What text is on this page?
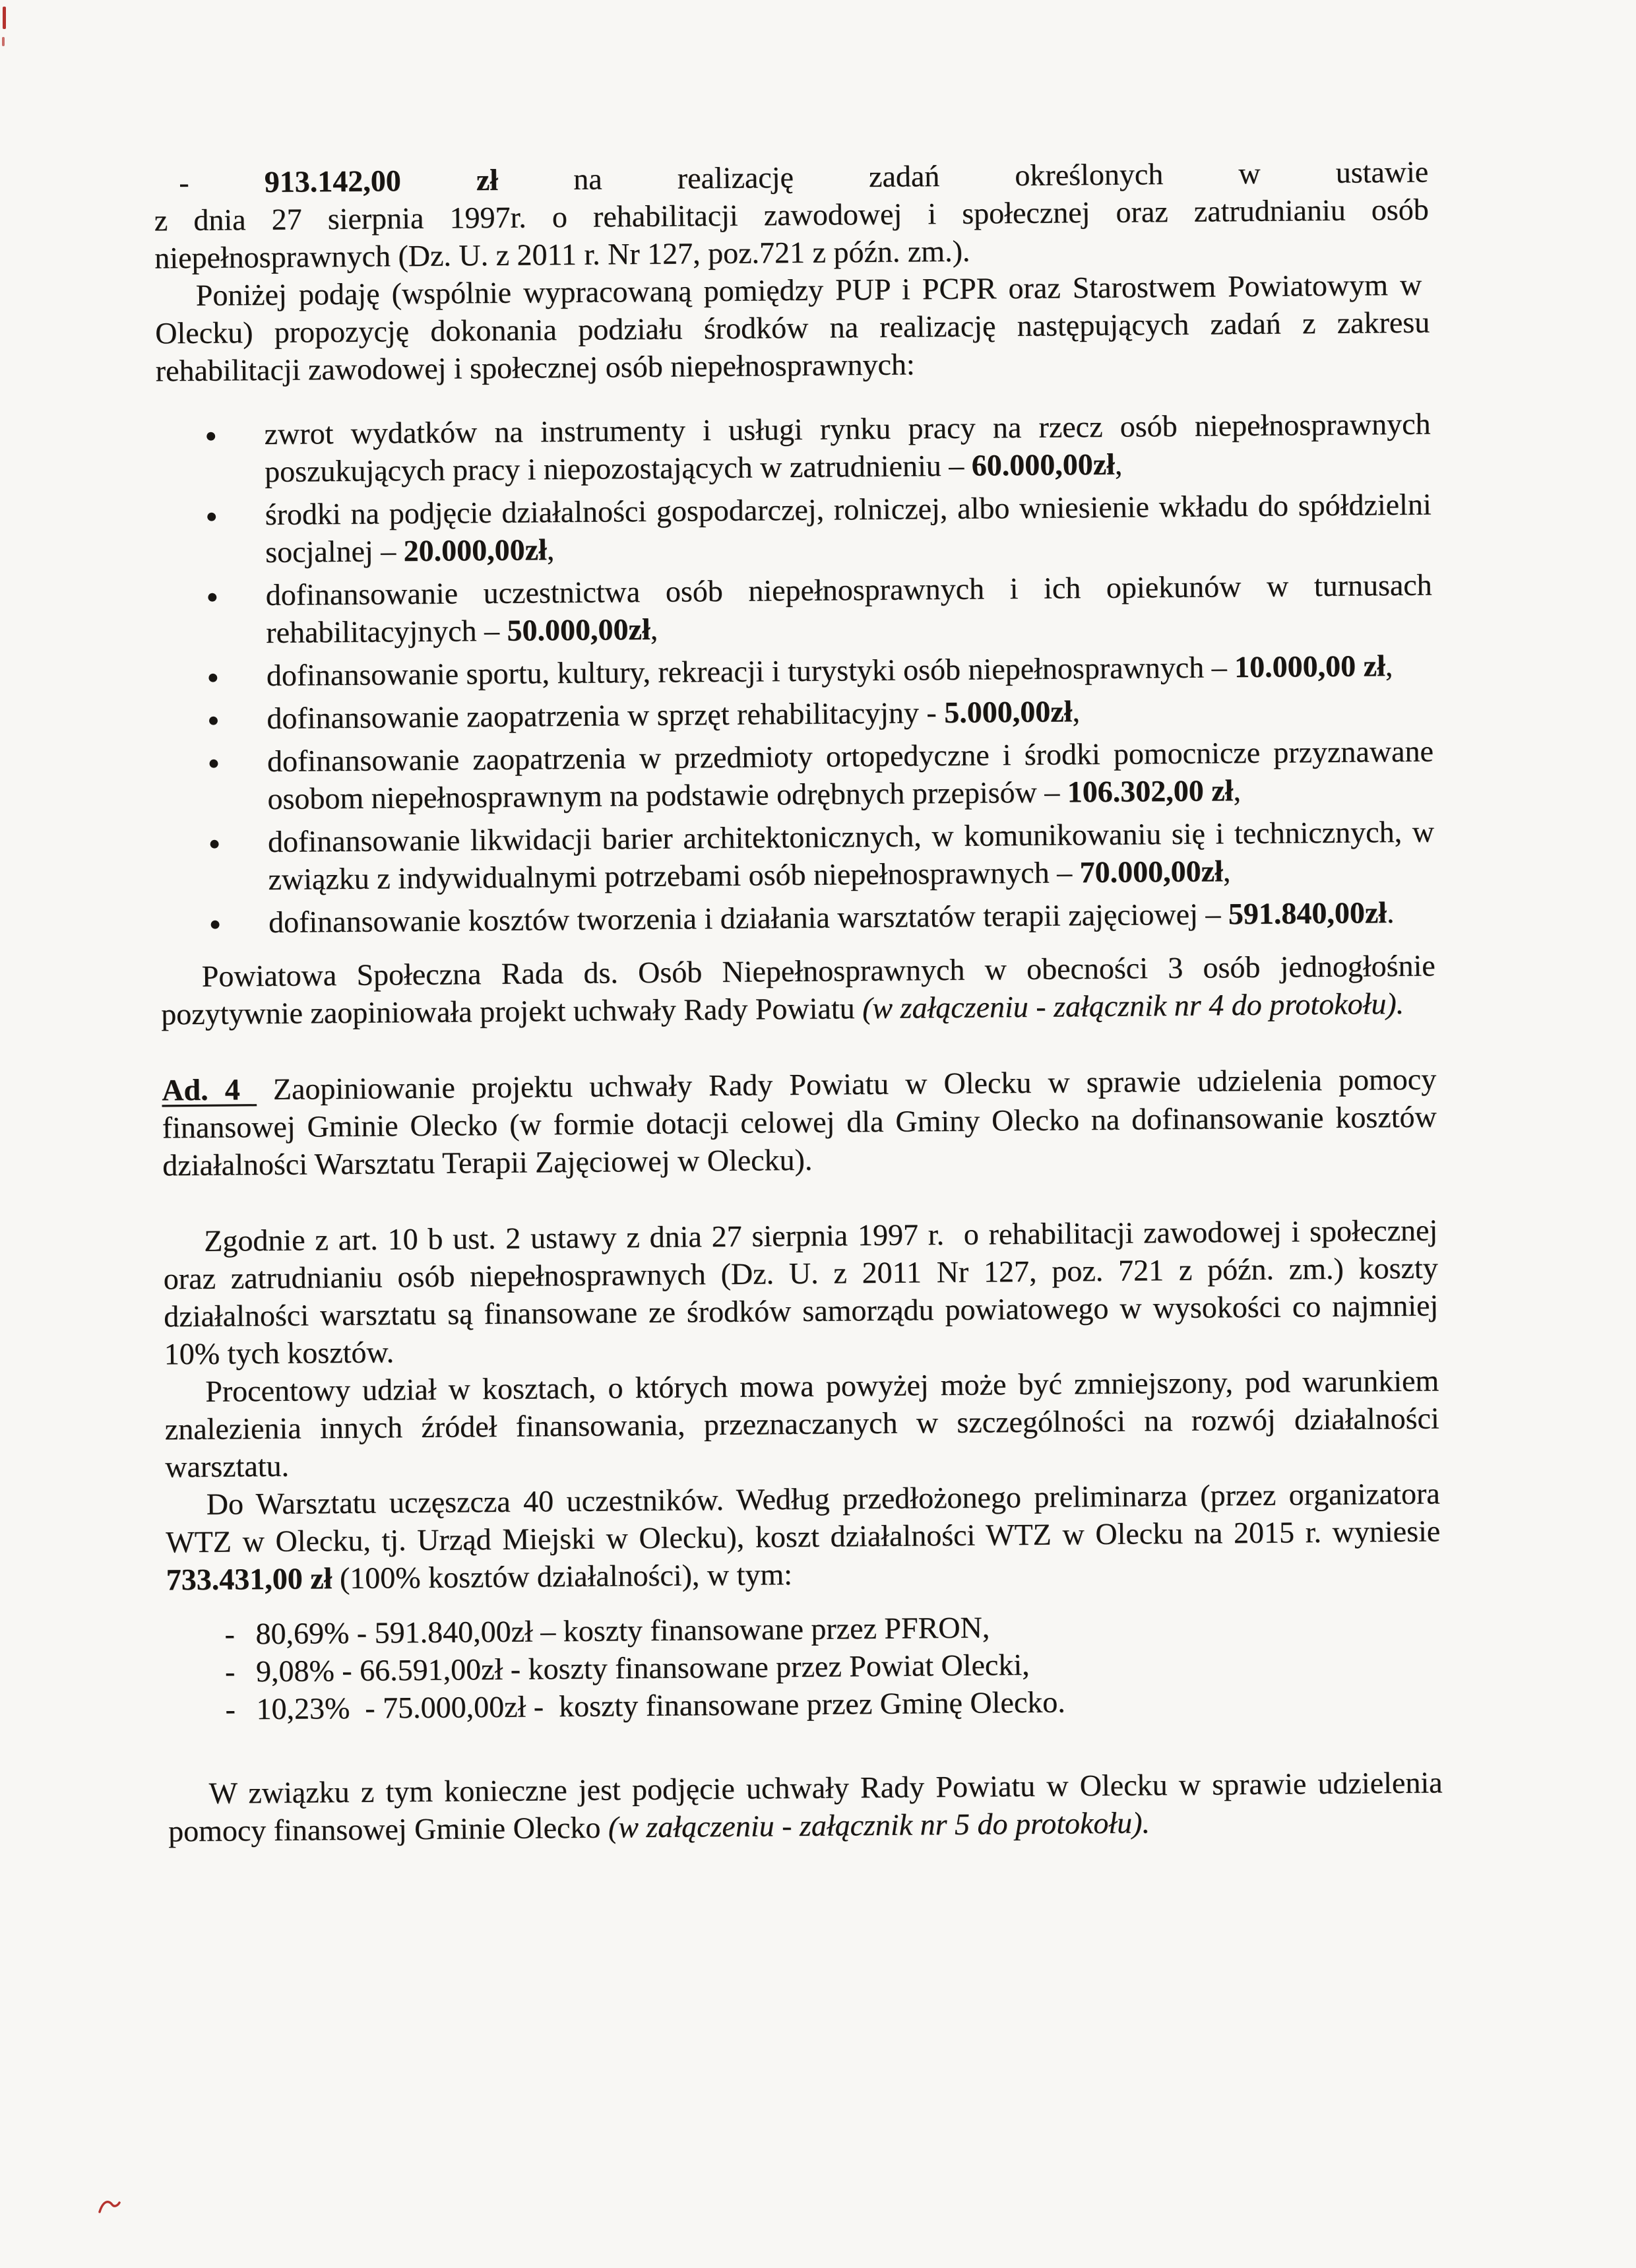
- 913.142,00 zł na realizację zadań określonych w ustawie
z dnia 27 sierpnia 1997r. o rehabilitacji zawodowej i społecznej oraz zatrudnianiu osób niepełnosprawnych (Dz. U. z 2011 r. Nr 127, poz.721 z późn. zm.).
Poniżej podaję (wspólnie wypracowaną pomiędzy PUP i PCPR oraz Starostwem Powiatowym w  Olecku) propozycję dokonania podziału środków na realizację następujących zadań z zakresu rehabilitacji zawodowej i społecznej osób niepełnosprawnych:
● zwrot wydatków na instrumenty i usługi rynku pracy na rzecz osób niepełnosprawnych poszukujących pracy i niepozostających w zatrudnieniu – 60.000,00zł,
● środki na podjęcie działalności gospodarczej, rolniczej, albo wniesienie wkładu do spółdzielni socjalnej – 20.000,00zł,
● dofinansowanie uczestnictwa osób niepełnosprawnych i ich opiekunów w turnusach rehabilitacyjnych – 50.000,00zł,
● dofinansowanie sportu, kultury, rekreacji i turystyki osób niepełnosprawnych – 10.000,00 zł,
● dofinansowanie zaopatrzenia w sprzęt rehabilitacyjny - 5.000,00zł,
● dofinansowanie zaopatrzenia w przedmioty ortopedyczne i środki pomocnicze przyznawane osobom niepełnosprawnym na podstawie odrębnych przepisów – 106.302,00 zł,
● dofinansowanie likwidacji barier architektonicznych, w komunikowaniu się i technicznych, w związku z indywidualnymi potrzebami osób niepełnosprawnych – 70.000,00zł,
● dofinansowanie kosztów tworzenia i działania warsztatów terapii zajęciowej – 591.840,00zł.
Powiatowa Społeczna Rada ds. Osób Niepełnosprawnych w obecności 3 osób jednogłośnie pozytywnie zaopiniowała projekt uchwały Rady Powiatu (w załączeniu - załącznik nr 4 do protokołu).
Ad. 4  Zaopiniowanie projektu uchwały Rady Powiatu w Olecku w sprawie udzielenia pomocy finansowej Gminie Olecko (w formie dotacji celowej dla Gminy Olecko na dofinansowanie kosztów działalności Warsztatu Terapii Zajęciowej w Olecku).
Zgodnie z art. 10 b ust. 2 ustawy z dnia 27 sierpnia 1997 r.  o rehabilitacji zawodowej i społecznej oraz zatrudnianiu osób niepełnosprawnych (Dz. U. z 2011 Nr 127, poz. 721 z późn. zm.) koszty działalności warsztatu są finansowane ze środków samorządu powiatowego w wysokości co najmniej 10% tych kosztów.
Procentowy udział w kosztach, o których mowa powyżej może być zmniejszony, pod warunkiem znalezienia innych źródeł finansowania, przeznaczanych w szczególności na rozwój działalności warsztatu.
Do Warsztatu uczęszcza 40 uczestników. Według przedłożonego preliminarza (przez organizatora WTZ w Olecku, tj. Urząd Miejski w Olecku), koszt działalności WTZ w Olecku na 2015 r. wyniesie 733.431,00 zł (100% kosztów działalności), w tym:
- 80,69% - 591.840,00zł – koszty finansowane przez PFRON,
- 9,08% - 66.591,00zł - koszty finansowane przez Powiat Olecki,
- 10,23%  - 75.000,00zł -  koszty finansowane przez Gminę Olecko.
W związku z tym konieczne jest podjęcie uchwały Rady Powiatu w Olecku w sprawie udzielenia pomocy finansowej Gminie Olecko (w załączeniu - załącznik nr 5 do protokołu).
